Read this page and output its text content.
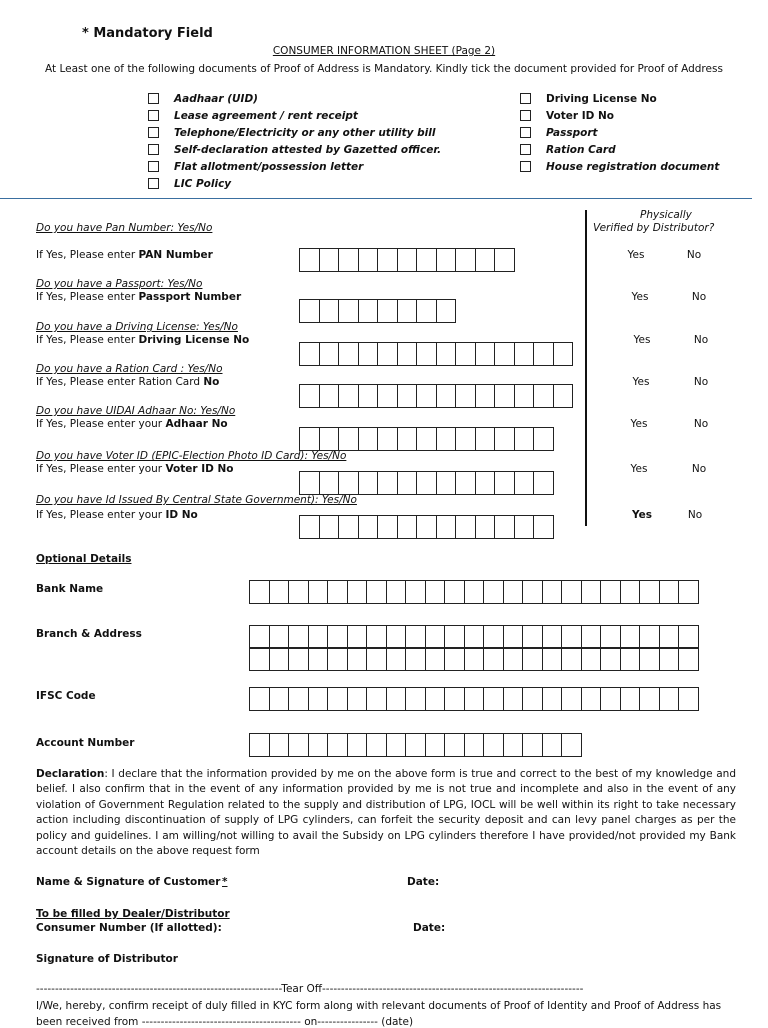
* Mandatory Field
CONSUMER INFORMATION SHEET (Page 2)
At Least one of the following documents of Proof of Address is Mandatory. Kindly tick the document provided for Proof of Address
Aadhaar (UID)
Lease agreement / rent receipt
Telephone/Electricity or any other utility bill
Self-declaration attested by Gazetted officer.
Flat allotment/possession letter
LIC Policy
Driving License No
Voter ID No
Passport
Ration Card
House registration document
Physically
Verified by Distributor?
Do you have Pan Number: Yes/No
If Yes, Please enter PAN Number	Yes	No
Do you have a Passport: Yes/No
If Yes, Please enter Passport Number	Yes	No
Do you have a Driving License: Yes/No
If Yes, Please enter Driving License No	Yes	No
Do you have a Ration Card : Yes/No
If Yes, Please enter Ration Card No	Yes	No
Do you have UIDAI Adhaar No: Yes/No
If Yes, Please enter your Adhaar No	Yes	No
Do you have Voter ID (EPIC-Election Photo ID Card): Yes/No
If Yes, Please enter your Voter ID No	Yes	No
Do you have Id Issued By Central State Government): Yes/No
If Yes, Please enter your ID No	Yes	No
Optional Details
Bank Name
Branch & Address
IFSC Code
Account Number
Declaration: I declare that the information provided by me on the above form is true and correct to the best of my knowledge and belief. I also confirm that in the event of any information provided by me is not true and incomplete and also in the event of any violation of Government Regulation related to the supply and distribution of LPG, IOCL will be well within its right to take necessary action including discontinuation of supply of LPG cylinders, can forfeit the security deposit and can levy panel charges as per the policy and guidelines. I am willing/not willing to avail the Subsidy on LPG cylinders therefore I have provided/not provided my Bank account details on the above request form
Name & Signature of Customer *	Date:
To be filled by Dealer/Distributor
Consumer Number (If allotted):	Date:
Signature of Distributor
-----------------------------------------------------------------Tear Off---------------------------------------------------------------------
I/We, hereby, confirm receipt of duly filled in KYC form along with relevant documents of Proof of Identity and Proof of Address has
been received from ------------------------------------------ on---------------- (date)
